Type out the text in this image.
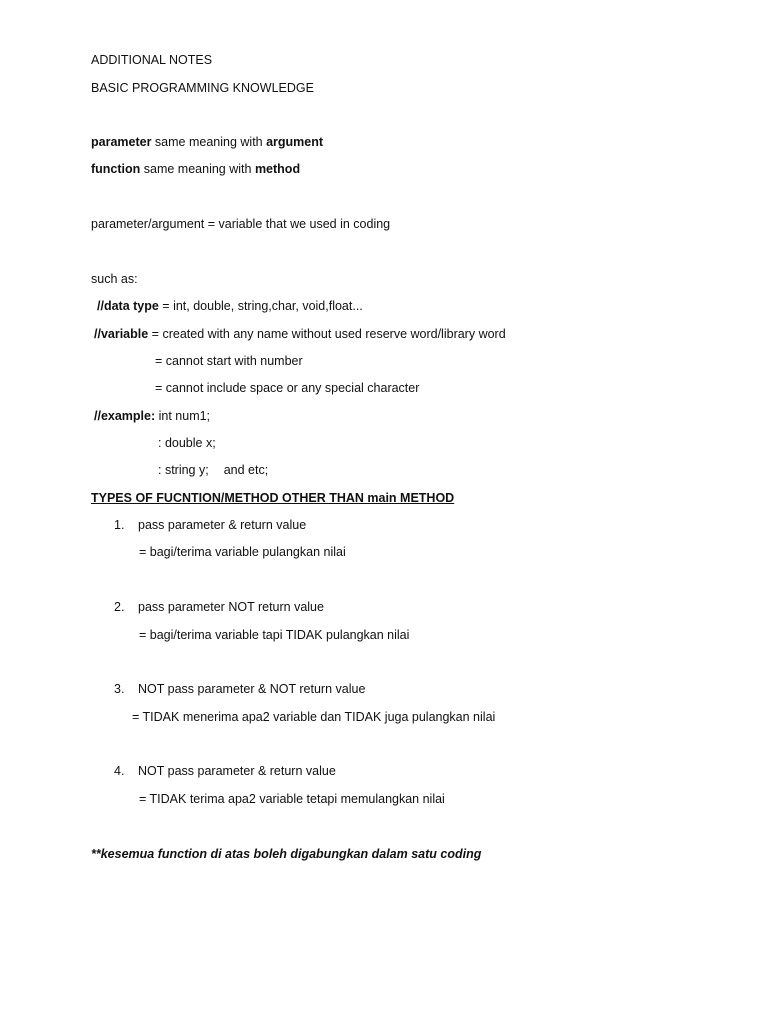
ADDITIONAL NOTES
BASIC PROGRAMMING KNOWLEDGE
parameter same meaning with argument
function same meaning with method
parameter/argument = variable that we used in coding
such as:
//data type = int, double, string,char, void,float...
//variable = created with any name without used reserve word/library word
= cannot start with number
= cannot include space or any special character
//example: int num1;
: double x;
: string y; and etc;
TYPES OF FUCNTION/METHOD OTHER THAN main METHOD
1. pass parameter & return value
= bagi/terima variable pulangkan nilai
2. pass parameter NOT return value
= bagi/terima variable tapi TIDAK pulangkan nilai
3. NOT pass parameter & NOT return value
= TIDAK menerima apa2 variable dan TIDAK juga pulangkan nilai
4. NOT pass parameter & return value
= TIDAK terima apa2 variable tetapi memulangkan nilai
**kesemua function di atas boleh digabungkan dalam satu coding
